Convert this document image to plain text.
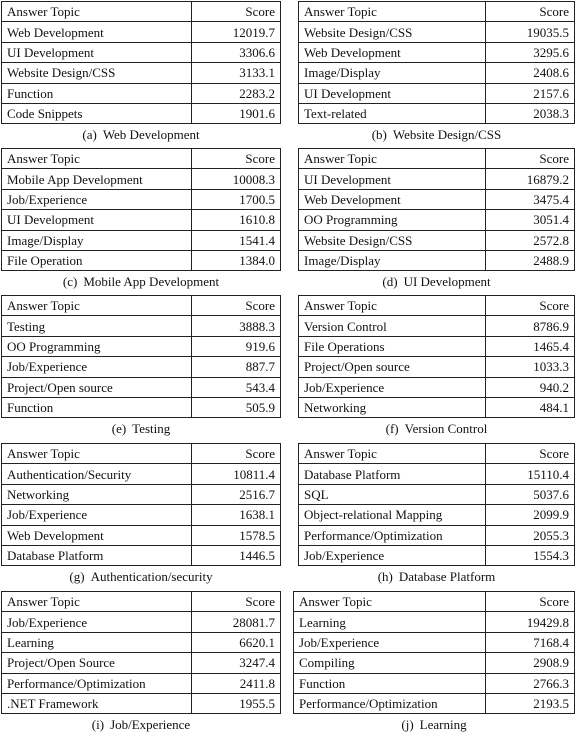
Answer Topic	Score
Web Development	12019.7
UI Development	3306.6
Website Design/CSS	3133.1
Function	2283.2
Code Snippets	1901.6
(a) Web Development
Answer Topic	Score
Website Design/CSS	19035.5
Web Development	3295.6
Image/Display	2408.6
UI Development	2157.6
Text-related	2038.3
(b) Website Design/CSS
Answer Topic	Score
Mobile App Development	10008.3
Job/Experience	1700.5
UI Development	1610.8
Image/Display	1541.4
File Operation	1384.0
(c) Mobile App Development
Answer Topic	Score
UI Development	16879.2
Web Development	3475.4
OO Programming	3051.4
Website Design/CSS	2572.8
Image/Display	2488.9
(d) UI Development
Answer Topic	Score
Testing	3888.3
OO Programming	919.6
Job/Experience	887.7
Project/Open source	543.4
Function	505.9
(e) Testing
Answer Topic	Score
Version Control	8786.9
File Operations	1465.4
Project/Open source	1033.3
Job/Experience	940.2
Networking	484.1
(f) Version Control
Answer Topic	Score
Authentication/Security	10811.4
Networking	2516.7
Job/Experience	1638.1
Web Development	1578.5
Database Platform	1446.5
(g) Authentication/security
Answer Topic	Score
Database Platform	15110.4
SQL	5037.6
Object-relational Mapping	2099.9
Performance/Optimization	2055.3
Job/Experience	1554.3
(h) Database Platform
Answer Topic	Score
Job/Experience	28081.7
Learning	6620.1
Project/Open Source	3247.4
Performance/Optimization	2411.8
.NET Framework	1955.5
(i) Job/Experience
Answer Topic	Score
Learning	19429.8
Job/Experience	7168.4
Compiling	2908.9
Function	2766.3
Performance/Optimization	2193.5
(j) Learning
